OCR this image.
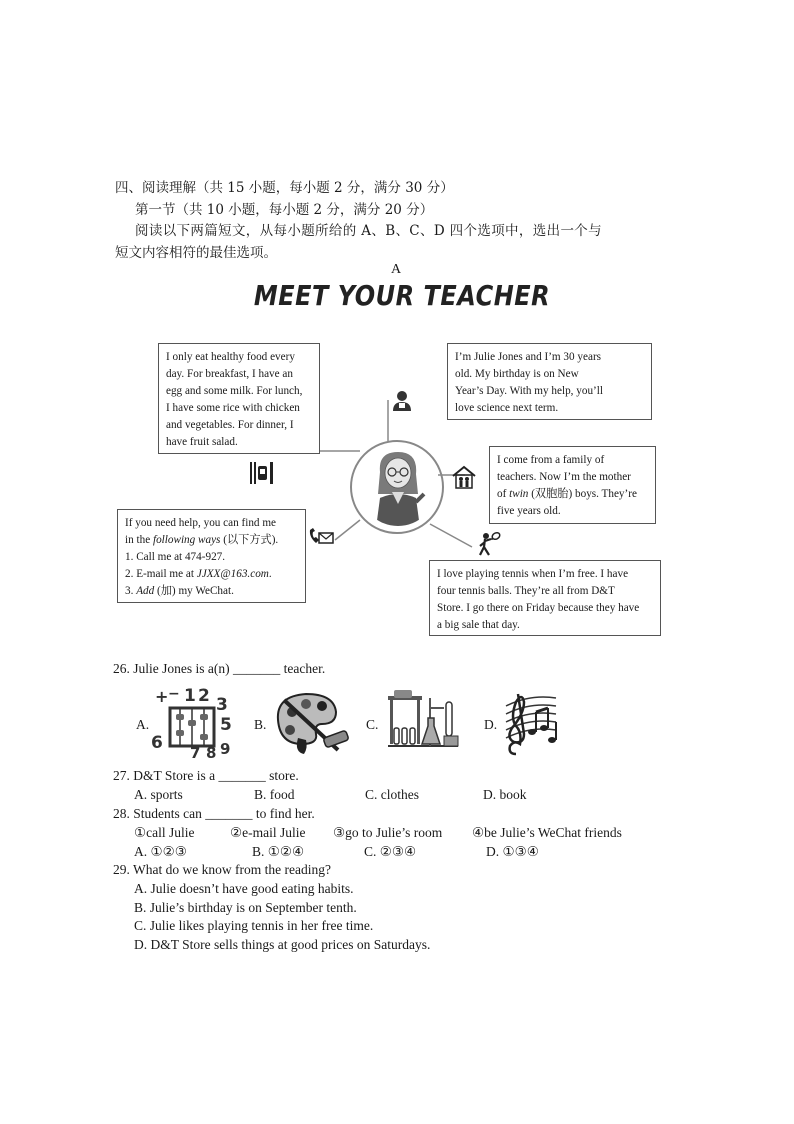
四、阅读理解（共 15 小题，每小题 2 分，满分 30 分）
第一节（共 10 小题，每小题 2 分，满分 20 分）
阅读以下两篇短文，从每小题所给的 A、B、C、D 四个选项中，选出一个与
短文内容相符的最佳选项。
A
MEET YOUR TEACHER
I only eat healthy food every
day. For breakfast, I have an
egg and some milk. For lunch,
I have some rice with chicken
and vegetables. For dinner, I
have fruit salad.
I’m Julie Jones and I’m 30 years
old. My birthday is on New
Year’s Day. With my help, you’ll
love science next term.
I come from a family of
teachers. Now I’m the mother
of twin (双胞胎) boys. They’re
five years old.
If you need help, you can find me
in the following ways (以下方式).
1. Call me at 474-927.
2. E-mail me at JJXX@163.com.
3. Add (加) my WeChat.
I love playing tennis when I’m free. I have
four tennis balls. They’re all from D&T
Store. I go there on Friday because they have
a big sale that day.
26. Julie Jones is a(n) _______ teacher.
A.	B.	C.	D.
+ − 1 2 3
6
5
7 8 9
27. D&T Store is a _______ store.
A. sports	B. food	C. clothes	D. book
28. Students can _______ to find her.
①call Julie	②e-mail Julie ③go to Julie’s room ④be Julie’s WeChat friends
A. ①②③	B. ①②④	C. ②③④	D. ①③④
29. What do we know from the reading?
A. Julie doesn’t have good eating habits.
B. Julie’s birthday is on September tenth.
C. Julie likes playing tennis in her free time.
D. D&T Store sells things at good prices on Saturdays.
